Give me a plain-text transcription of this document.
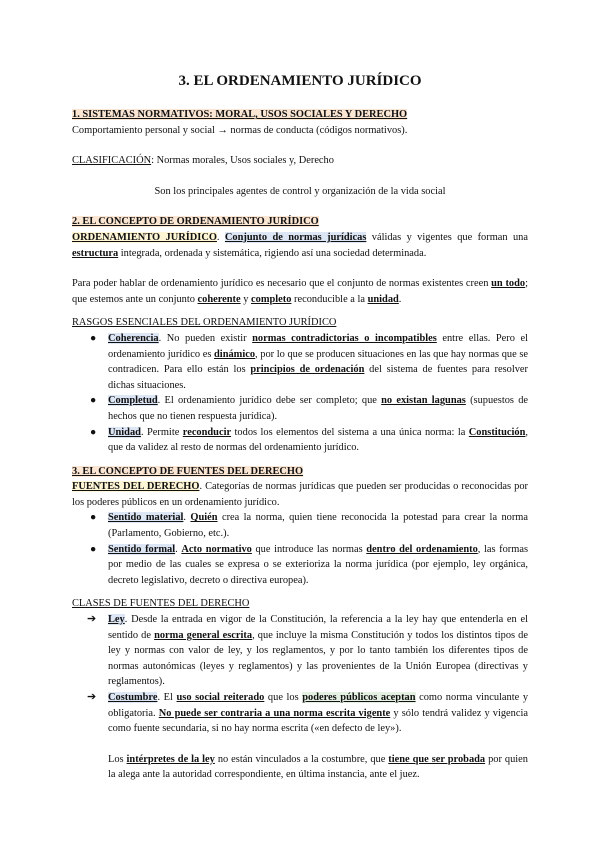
3. EL ORDENAMIENTO JURÍDICO
1. SISTEMAS NORMATIVOS: MORAL, USOS SOCIALES Y DERECHO

Comportamiento personal y social → normas de conducta (códigos normativos).

CLASIFICACIÓN: Normas morales, Usos sociales y, Derecho

Son los principales agentes de control y organización de la vida social

2. EL CONCEPTO DE ORDENAMIENTO JURÍDICO

ORDENAMIENTO JURÍDICO. Conjunto de normas jurídicas válidas y vigentes que forman una estructura integrada, ordenada y sistemática, rigiendo así una sociedad determinada.

Para poder hablar de ordenamiento jurídico es necesario que el conjunto de normas existentes creen un todo; que estemos ante un conjunto coherente y completo reconducible a la unidad.

RASGOS ESENCIALES DEL ORDENAMIENTO JURÍDICO

● Coherencia. No pueden existir normas contradictorias o incompatibles entre ellas. Pero el ordenamiento jurídico es dinámico, por lo que se producen situaciones en las que hay normas que se contradicen. Para ello están los principios de ordenación del sistema de fuentes para resolver dichas situaciones.
● Completud. El ordenamiento jurídico debe ser completo; que no existan lagunas (supuestos de hechos que no tienen respuesta jurídica).
● Unidad. Permite reconducir todos los elementos del sistema a una única norma: la Constitución, que da validez al resto de normas del ordenamiento jurídico.
3. EL CONCEPTO DE FUENTES DEL DERECHO

FUENTES DEL DERECHO. Categorías de normas jurídicas que pueden ser producidas o reconocidas por los poderes públicos en un ordenamiento jurídico.

● Sentido material. Quién crea la norma, quien tiene reconocida la potestad para crear la norma (Parlamento, Gobierno, etc.).
● Sentido formal. Acto normativo que introduce las normas dentro del ordenamiento, las formas por medio de las cuales se expresa o se exterioriza la norma jurídica (por ejemplo, ley orgánica, decreto legislativo, decreto o directiva europea).

CLASES DE FUENTES DEL DERECHO

➔ Ley. Desde la entrada en vigor de la Constitución, la referencia a la ley hay que entenderla en el sentido de norma general escrita, que incluye la misma Constitución y todos los distintos tipos de ley y normas con valor de ley, y los reglamentos, y por lo tanto también los diferentes tipos de normas autonómicas (leyes y reglamentos) y las provenientes de la Unión Europea (directivas y reglamentos).
➔ Costumbre. El uso social reiterado que los poderes públicos aceptan como norma vinculante y obligatoria. No puede ser contraria a una norma escrita vigente y sólo tendrá validez y vigencia como fuente secundaria, si no hay norma escrita («en defecto de ley»).

Los intérpretes de la ley no están vinculados a la costumbre, que tiene que ser probada por quien la alega ante la autoridad correspondiente, en última instancia, ante el juez.
